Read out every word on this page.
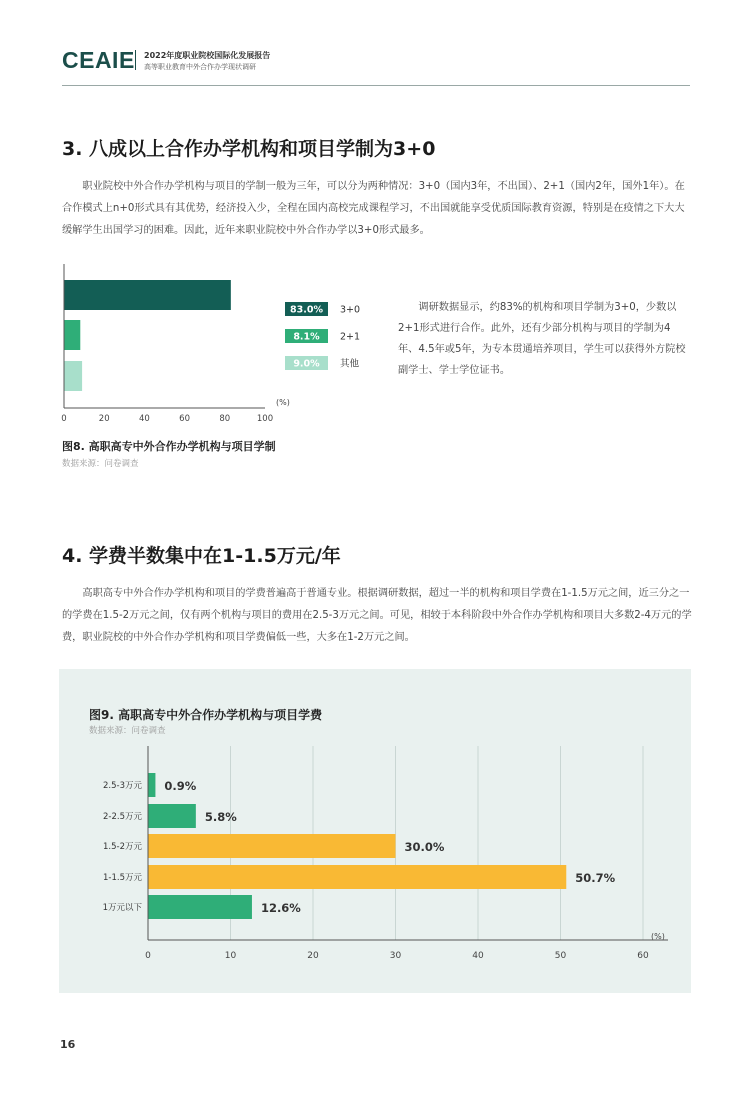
CEAIE 2022年度职业院校国际化发展报告
高等职业教育中外合作办学现状调研
3. 八成以上合作办学机构和项目学制为3+0
职业院校中外合作办学机构与项目的学制一般为三年，可以分为两种情况：3+0（国内3年，不出国）、2+1（国内2年，国外1年）。在合作模式上n+0形式具有其优势，经济投入少，全程在国内高校完成课程学习，不出国就能享受优质国际教育资源，特别是在疫情之下大大缓解学生出国学习的困难。因此，近年来职业院校中外合作办学以3+0形式最多。
0	20	40	60	80	100
(%)
83.0% 3+0
8.1% 2+1
9.0% 其他
调研数据显示，约83%的机构和项目学制为3+0，少数以2+1形式进行合作。此外，还有少部分机构与项目的学制为4年、4.5年或5年，为专本贯通培养项目，学生可以获得外方院校副学士、学士学位证书。
图8. 高职高专中外合作办学机构与项目学制
数据来源：问卷调查
4. 学费半数集中在1-1.5万元/年
高职高专中外合作办学机构和项目的学费普遍高于普通专业。根据调研数据，超过一半的机构和项目学费在1-1.5万元之间，近三分之一的学费在1.5-2万元之间，仅有两个机构与项目的费用在2.5-3万元之间。可见，相较于本科阶段中外合作办学机构和项目大多数2-4万元的学费，职业院校的中外合作办学机构和项目学费偏低一些，大多在1-2万元之间。
图9. 高职高专中外合作办学机构与项目学费
数据来源：问卷调查
0.9%
2.5-3万元
5.8%
2-2.5万元
30.0%
1.5-2万元
50.7%
1-1.5万元
12.6%
1万元以下
0	10	20	30	40	50	60
(%)
16
